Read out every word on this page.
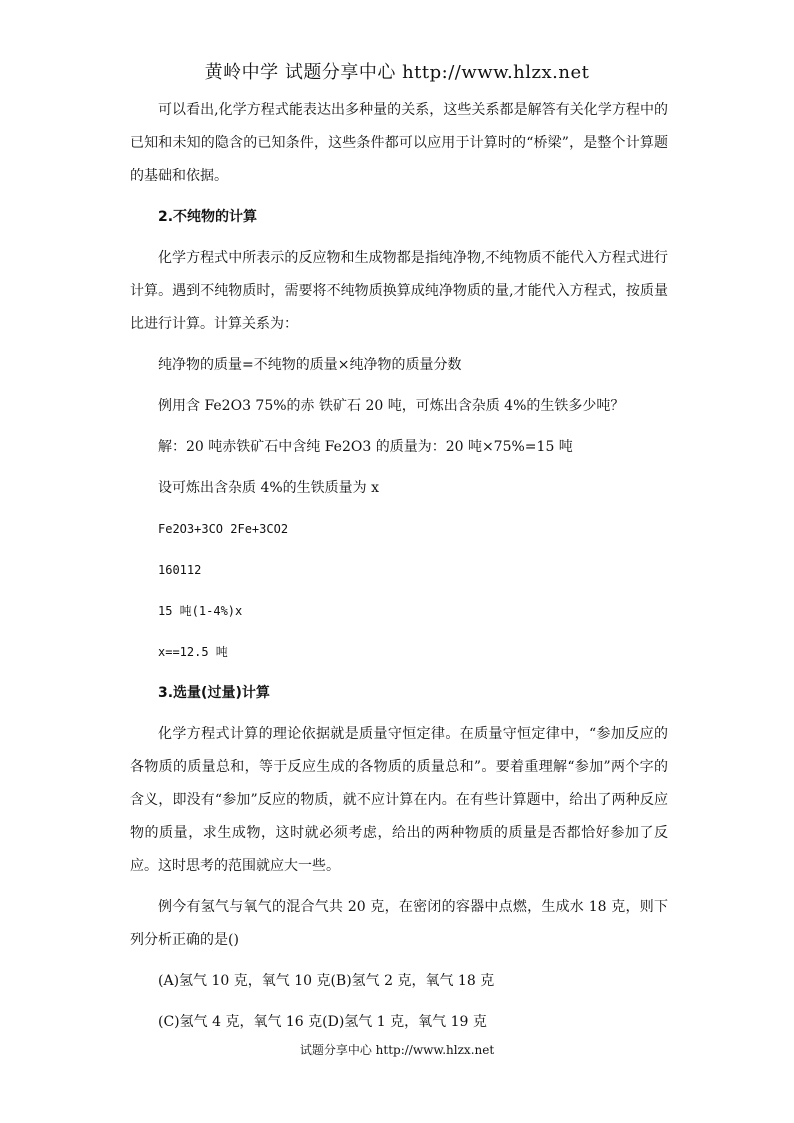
黄岭中学 试题分享中心 http://www.hlzx.net

可以看出,化学方程式能表达出多种量的关系，这些关系都是解答有关化学方程中的已知和未知的隐含的已知条件，这些条件都可以应用于计算时的“桥梁”，是整个计算题的基础和依据。

2.不纯物的计算

化学方程式中所表示的反应物和生成物都是指纯净物,不纯物质不能代入方程式进行计算。遇到不纯物质时，需要将不纯物质换算成纯净物质的量,才能代入方程式，按质量比进行计算。计算关系为：

纯净物的质量=不纯物的质量×纯净物的质量分数

例用含 Fe2O3 75%的赤 铁矿石 20 吨，可炼出含杂质 4%的生铁多少吨？

解：20 吨赤铁矿石中含纯 Fe2O3 的质量为：20 吨×75%=15 吨

设可炼出含杂质 4%的生铁质量为 x

Fe2O3+3CO 2Fe+3CO2

160112

15 吨(1-4%)x

x==12.5 吨

3.选量(过量)计算

化学方程式计算的理论依据就是质量守恒定律。在质量守恒定律中，“参加反应的各物质的质量总和，等于反应生成的各物质的质量总和”。要着重理解“参加”两个字的含义，即没有“参加”反应的物质，就不应计算在内。在有些计算题中，给出了两种反应物的质量，求生成物，这时就必须考虑，给出的两种物质的质量是否都恰好参加了反应。这时思考的范围就应大一些。

例今有氢气与氧气的混合气共 20 克，在密闭的容器中点燃，生成水 18 克，则下列分析正确的是()

(A)氢气 10 克，氧气 10 克(B)氢气 2 克，氧气 18 克

(C)氢气 4 克，氧气 16 克(D)氢气 1 克，氧气 19 克

试题分享中心 http://www.hlzx.net
